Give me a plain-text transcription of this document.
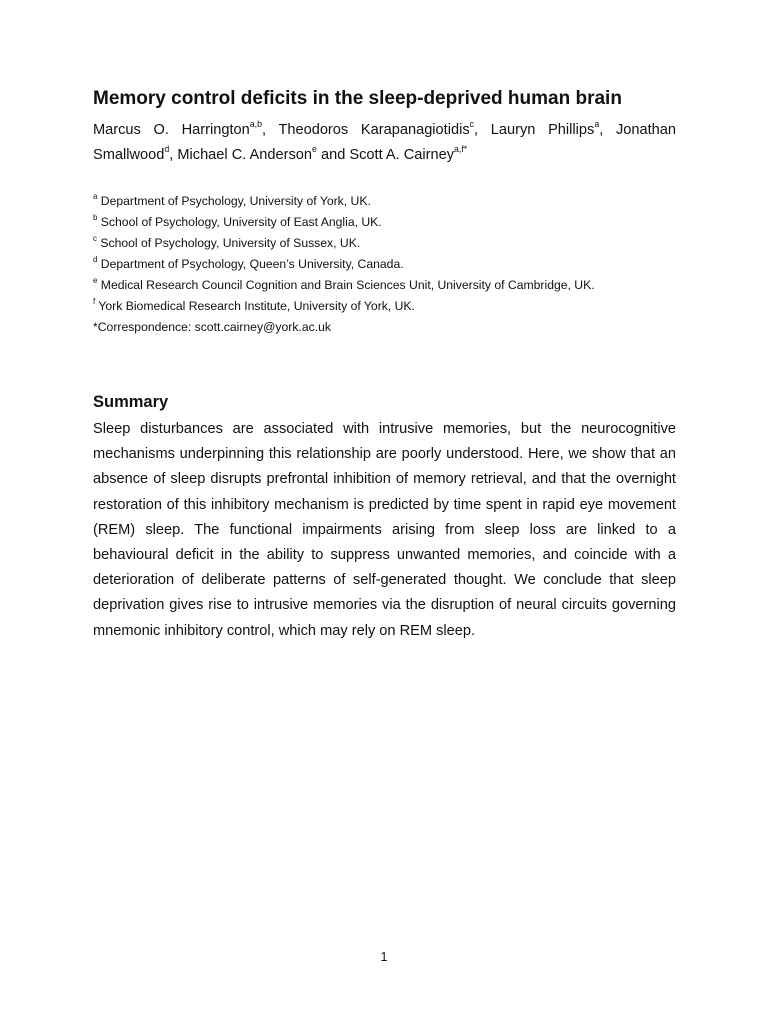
Memory control deficits in the sleep-deprived human brain

Marcus O. Harrington$^{a,b}$, Theodoros Karapanagiotidis$^c$, Lauryn Phillips$^a$, Jonathan Smallwood$^d$, Michael C. Anderson$^e$ and Scott A. Cairney$^{a,f*}$

$^a$ Department of Psychology, University of York, UK.
$^b$ School of Psychology, University of East Anglia, UK.
$^c$ School of Psychology, University of Sussex, UK.
$^d$ Department of Psychology, Queen’s University, Canada.
$^e$ Medical Research Council Cognition and Brain Sciences Unit, University of Cambridge, UK.
$^f$ York Biomedical Research Institute, University of York, UK.
*Correspondence: scott.cairney@york.ac.uk
Summary

Sleep disturbances are associated with intrusive memories, but the neurocognitive mechanisms underpinning this relationship are poorly understood. Here, we show that an absence of sleep disrupts prefrontal inhibition of memory retrieval, and that the overnight restoration of this inhibitory mechanism is predicted by time spent in rapid eye movement (REM) sleep. The functional impairments arising from sleep loss are linked to a behavioural deficit in the ability to suppress unwanted memories, and coincide with a deterioration of deliberate patterns of self-generated thought. We conclude that sleep deprivation gives rise to intrusive memories via the disruption of neural circuits governing mnemonic inhibitory control, which may rely on REM sleep.

1
